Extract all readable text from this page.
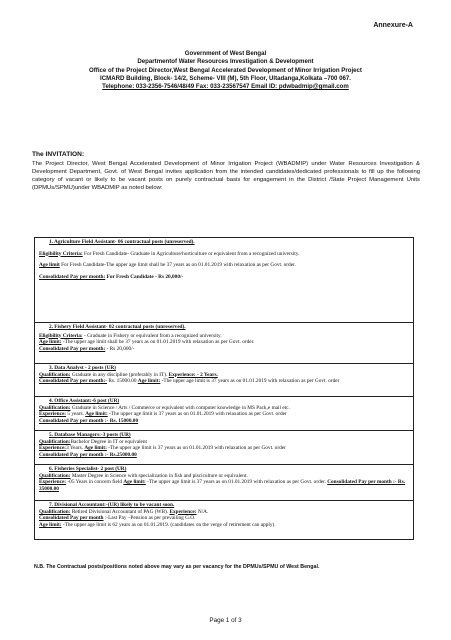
Annexure-A
Government of West Bengal
Departmentof Water Resources Investigation & Development
Office of the Project Director,West Bengal Accelerated Development of Minor Irrigation Project
ICMARD Building, Block- 14/2, Scheme- VIII (M), 5th Floor, Ultadanga,Kolkata –700 067.
Telephone: 033-2356-7546/48/49 Fax: 033-23567547 Email ID: pdwbadmip@gmail.com
The INVITATION:
The Project Director, West Bengal Accelerated Development of Minor Irrigation Project (WBADMIP) under Water Resources Investigation & Development Department, Govt. of West Bengal invites application from the intended candidates/dedicated professionals to fill up the following category of vacant or likely to be vacant posts on purely contractual basis for engagement in the District /State Project Management Units (DPMUs/SPMU)under WBADMIP as noted below:
1. Agriculture Field Assistant- 06 contractual posts (unreserved).
Eligibility Criteria: For Fresh Candidate- Graduate in Agriculture/horticulture or equivalent from a recognized university.
Age limit For Fresh Candidate-The upper age limit shall be 37 years as on 01.01.2019 with relaxation as per Govt. order.
Consolidated Pay per month: For Fresh Candidate - Rs 20,000/-
2. Fishery Field Assistant- 02 contractual posts (unreserved).
Eligibility Criteria: - Graduate in Fishery or equivalent from a recognized university.
Age limit: -The upper age limit shall be 37 years as on 01.01.2019 with relaxation as per Govt. order.
Consolidated Pay per month: - Rs 20,000/-
3. Data Analyst - 2 posts (UR)
Qualification: Graduate in any discipline (preferably in IT). Experience: - 2 Years.
Consolidated Pay per month:- Rs. 15000.00 Age limit: -The upper age limit is 37 years as on 01.01.2019 with relaxation as per Govt. order
4. Office Assistant:-6 post (UR)
Qualification: Graduate in Science / Arts / Commerce or equivalent with computer knowledge in MS Pack,e mail etc.
Experience: 5 years. Age limit: -The upper age limit is 37 years as on 01.01.2019 with relaxation as per Govt. order
Consolidated Pay per month :- Rs. 15000.00
5. Database Managers:-3 posts (UR)
Qualification:Bachelor Degree in IT or equivalent
Experience:3 Years. Age limit: -The upper age limit is 37 years as on 01.01.2019 with relaxation as per Govt. order
Consolidated Pay per month :- Rs.25000.00
6. Fisheries Specialist- 2 post (UR)
Qualification: Master Degree in Science with specialization in fish and pisciculture or equivalent.
Experience: -05 Years in concern field Age limit: -The upper age limit is 37 years as on 01.01.2019 with relaxation as per Govt. order. Consolidated Pay per month :- Rs. 35000.00
7. Divisional Accountant:-(UR) likely to be vacant soon.
Qualification: Retired Divisional Accountant of PAG (WB). Experience: N/A.
Consolidated Pay per month :-Last Pay –Pension as per prevailing G.O.
Age limit: -The upper age limit is 62 years as on 01.01.2019. (candidates on the verge of retirement can apply).
N.B. The Contractual posts/positions noted above may vary as per vacancy for the DPMUs/SPMU of West Bengal.
Page 1 of 3
